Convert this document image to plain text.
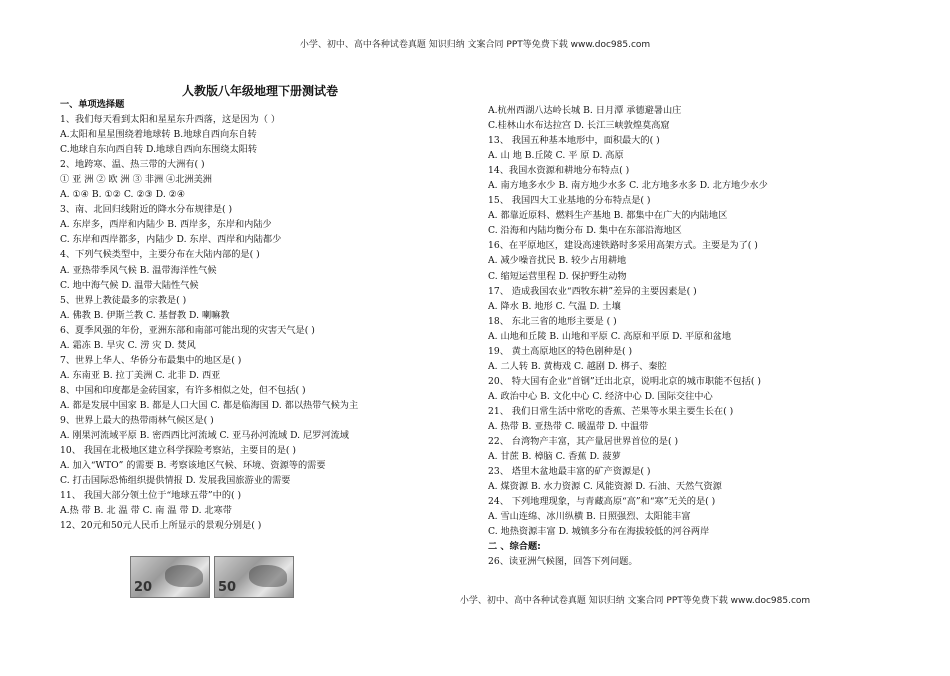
小学、初中、高中各种试卷真题 知识归纳 文案合同 PPT等免费下载 www.doc985.com
人教版八年级地理下册测试卷
一、单项选择题
1、我们每天看到太阳和星星东升西落，这是因为（ ）
A.太阳和星星围绕着地球转 B.地球自西向东自转
C.地球自东向西自转 D.地球自西向东围绕太阳转
2、地跨寒、温、热三带的大洲有( )
① 亚 洲 ② 欧 洲 ③ 非洲 ④北洲美洲
A. ①④ B. ①② C. ②③ D. ②④
3、南、北回归线附近的降水分布规律是( )
A. 东岸多，西岸和内陆少 B. 西岸多，东岸和内陆少
C. 东岸和西岸都多，内陆少 D. 东岸、西岸和内陆都少
4、下列气候类型中，主要分布在大陆内部的是( )
A. 亚热带季风气候 B. 温带海洋性气候
C. 地中海气候 D. 温带大陆性气候
5、世界上教徒最多的宗教是( )
A. 佛教 B. 伊斯兰教 C. 基督教 D. 喇嘛教
6、夏季风强的年份，亚洲东部和南部可能出现的灾害天气是( )
A. 霜冻 B. 旱灾 C. 涝 灾 D. 焚风
7、世界上华人、华侨分布最集中的地区是( )
A. 东南亚 B. 拉丁美洲 C. 北非 D. 西亚
8、中国和印度都是金砖国家，有许多相似之处，但不包括( )
A. 都是发展中国家 B. 都是人口大国 C. 都是临海国 D. 都以热带气候为主
9、世界上最大的热带雨林气候区是( )
A. 刚果河流域平原 B. 密西西比河流域 C. 亚马孙河流域 D. 尼罗河流域
10、 我国在北极地区建立科学探险考察站，主要目的是( )
A. 加入“WTO” 的需要 B. 考察该地区气候、环境、资源等的需要
C. 打击国际恐怖组织提供情报 D. 发展我国旅游业的需要
11、 我国大部分领土位于“地球五带”中的( )
A.热 带 B. 北 温 带 C. 南 温 带 D. 北寒带
12、20元和50元人民币上所显示的景观分别是( )
A.杭州西湖八达岭长城 B. 日月潭 承德避暑山庄
C.桂林山水布达拉宫 D. 长江三峡敦煌莫高窟
13、 我国五种基本地形中，面积最大的( )
A. 山 地 B.丘陵 C. 平 原 D. 高原
14、我国水资源和耕地分布特点( )
A. 南方地多水少 B. 南方地少水多 C. 北方地多水多 D. 北方地少水少
15、 我国四大工业基地的分布特点是( )
A. 都靠近原料、燃料生产基地 B. 都集中在广大的内陆地区
C. 沿海和内陆均衡分布 D. 集中在东部沿海地区
16、在平原地区，建设高速铁路时多采用高架方式。主要是为了( )
A. 减少噪音扰民 B. 较少占用耕地
C. 缩短运营里程 D. 保护野生动物
17、 造成我国农业“西牧东耕”差异的主要因素是( )
A. 降水 B. 地形 C. 气温 D. 土壤
18、 东北三省的地形主要是 ( )
A. 山地和丘陵 B. 山地和平原 C. 高原和平原 D. 平原和盆地
19、 黄土高原地区的特色剧种是( )
A. 二人转 B. 黄梅戏 C. 越剧 D. 梆子、秦腔
20、 特大国有企业“首钢”迁出北京，说明北京的城市职能不包括( )
A. 政治中心 B. 文化中心 C. 经济中心 D. 国际交往中心
21、 我们日常生活中常吃的香蕉、芒果等水果主要生长在( )
A. 热带 B. 亚热带 C. 暖温带 D. 中温带
22、 台湾物产丰富，其产量居世界首位的是( )
A. 甘蔗 B. 樟脑 C. 香蕉 D. 菠萝
23、 塔里木盆地最丰富的矿产资源是( )
A. 煤资源 B. 水力资源 C. 风能资源 D. 石油、天然气资源
24、 下列地理现象，与青藏高原“高”和“寒”无关的是( )
A. 雪山连绵、冰川纵横 B. 日照强烈、太阳能丰富
C. 地热资源丰富 D. 城镇多分布在海拔较低的河谷两岸
二 、综合题:
26、读亚洲气候图，回答下列问题。
20	50
小学、初中、高中各种试卷真题 知识归纳 文案合同 PPT等免费下载 www.doc985.com
